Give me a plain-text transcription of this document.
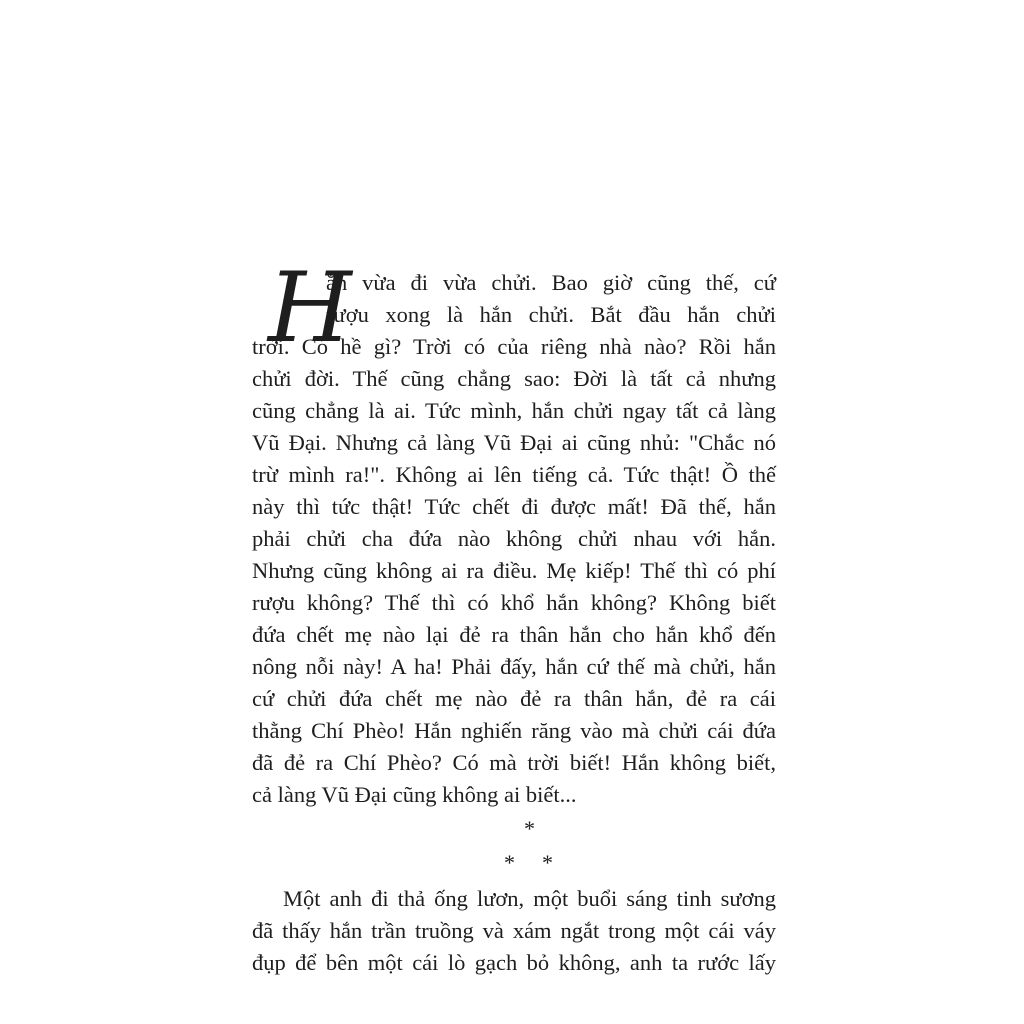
H
ắn vừa đi vừa chửi. Bao giờ cũng thế, cứ
rượu xong là hắn chửi. Bắt đầu hắn chửi
trời. Có hề gì? Trời có của riêng nhà nào? Rồi hắn
chửi đời. Thế cũng chẳng sao: Đời là tất cả nhưng
cũng chẳng là ai. Tức mình, hắn chửi ngay tất cả làng
Vũ Đại. Nhưng cả làng Vũ Đại ai cũng nhủ: "Chắc nó
trừ mình ra!". Không ai lên tiếng cả. Tức thật! Ồ thế
này thì tức thật! Tức chết đi được mất! Đã thế, hắn
phải chửi cha đứa nào không chửi nhau với hắn.
Nhưng cũng không ai ra điều. Mẹ kiếp! Thế thì có phí
rượu không? Thế thì có khổ hắn không? Không biết
đứa chết mẹ nào lại đẻ ra thân hắn cho hắn khổ đến
nông nỗi này! A ha! Phải đấy, hắn cứ thế mà chửi, hắn
cứ chửi đứa chết mẹ nào đẻ ra thân hắn, đẻ ra cái
thằng Chí Phèo! Hắn nghiến răng vào mà chửi cái đứa
đã đẻ ra Chí Phèo? Có mà trời biết! Hắn không biết,
cả làng Vũ Đại cũng không ai biết...
*
* *
Một anh đi thả ống lươn, một buổi sáng tinh sương
đã thấy hắn trần truồng và xám ngắt trong một cái váy
đụp để bên một cái lò gạch bỏ không, anh ta rước lấy
